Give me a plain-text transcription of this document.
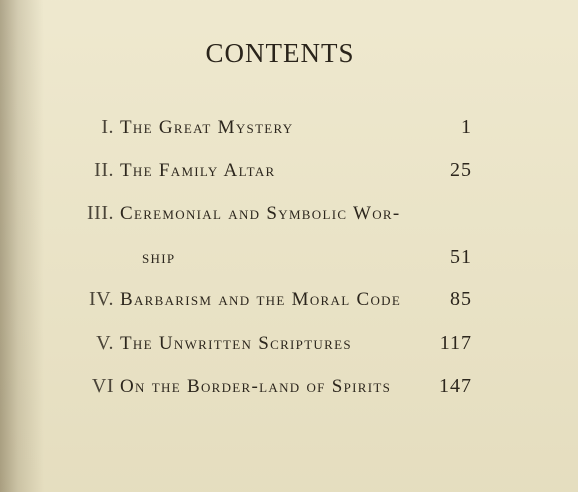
CONTENTS
I. The Great Mystery	1
II. The Family Altar	25
III. Ceremonial and Symbolic Wor-
ship	51
IV. Barbarism and the Moral Code 85
V. The Unwritten Scriptures	117
VI On the Border-land of Spirits 147
